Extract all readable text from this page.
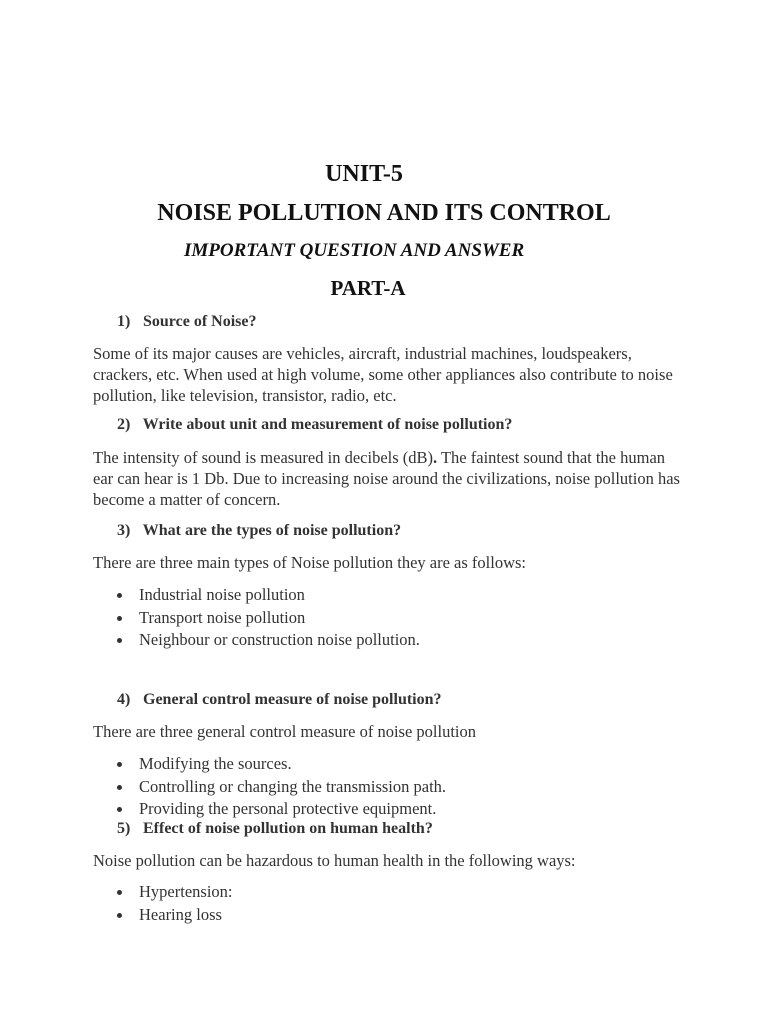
UNIT-5
NOISE POLLUTION AND ITS CONTROL
IMPORTANT QUESTION AND ANSWER
PART-A
1) Source of Noise?
Some of its major causes are vehicles, aircraft, industrial machines, loudspeakers, crackers, etc. When used at high volume, some other appliances also contribute to noise pollution, like television, transistor, radio, etc.
2) Write about unit and measurement of noise pollution?
The intensity of sound is measured in decibels (dB). The faintest sound that the human ear can hear is 1 Db. Due to increasing noise around the civilizations, noise pollution has become a matter of concern.
3) What are the types of noise pollution?
There are three main types of Noise pollution they are as follows:
Industrial noise pollution
Transport noise pollution
Neighbour or construction noise pollution.
4) General control measure of noise pollution?
There are three general control measure of noise pollution
Modifying the sources.
Controlling or changing the transmission path.
Providing the personal protective equipment.
5) Effect of noise pollution on human health?
Noise pollution can be hazardous to human health in the following ways:
Hypertension:
Hearing loss
